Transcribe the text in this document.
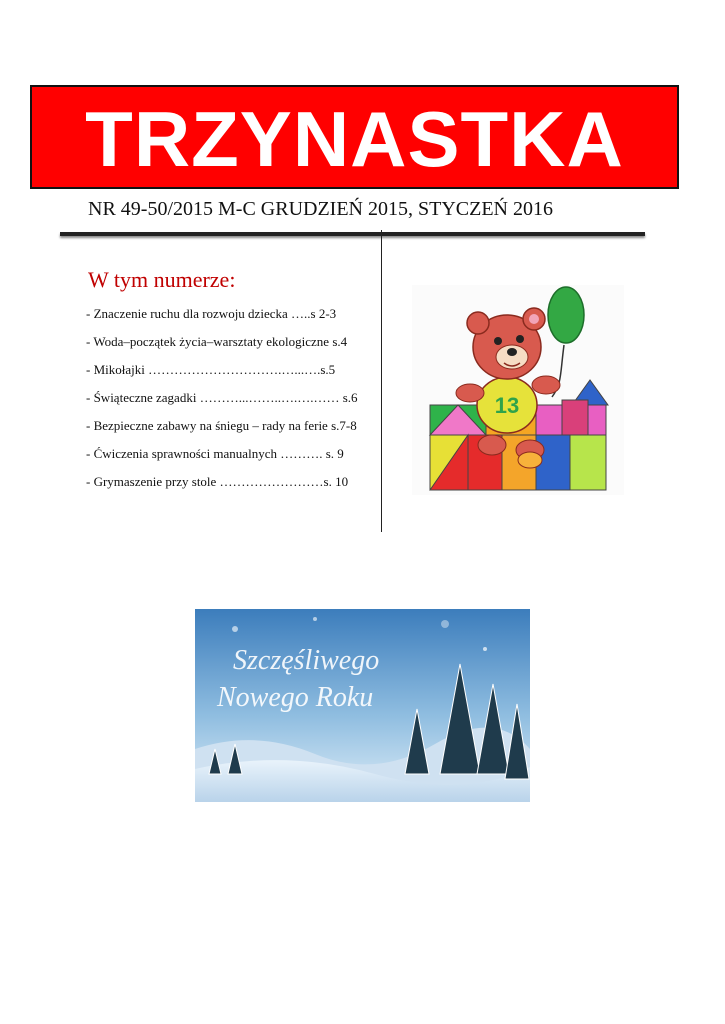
TRZYNASTKA
NR 49-50/2015 M-C GRUDZIEŃ 2015, STYCZEŃ 2016
W tym numerze:
- Znaczenie ruchu dla rozwoju dziecka …..s 2-3
- Woda–początek życia–warsztaty ekologiczne s.4
- Mikołajki ………………………….…...….s.5
- Świąteczne zagadki ………...……..….….…… s.6
- Bezpieczne zabawy na śniegu – rady na ferie s.7-8
- Ćwiczenia sprawności manualnych ………. s. 9
- Grymaszenie przy stole ……………………s. 10
13
Szczęśliwego
Nowego Roku
